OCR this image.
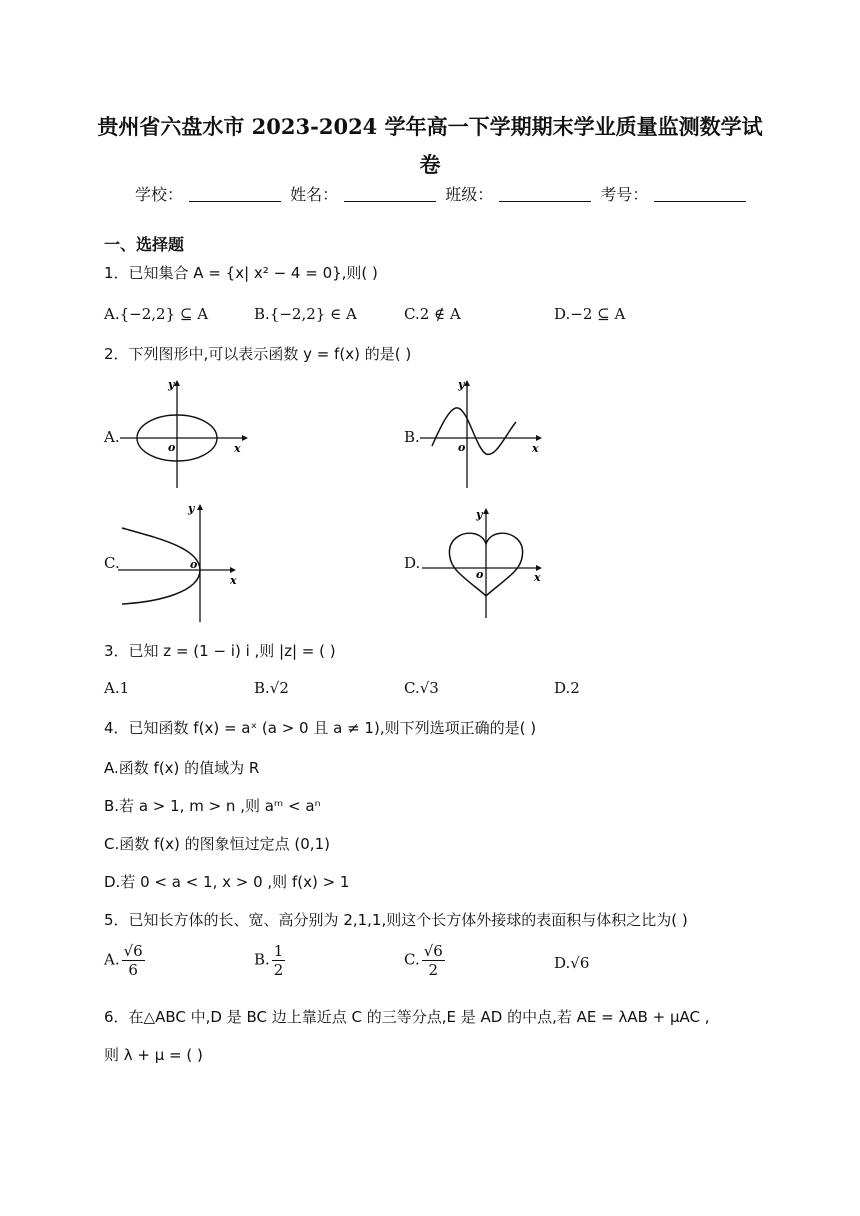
贵州省六盘水市 2023-2024 学年高一下学期期末学业质量监测数学试
卷
学校：	姓名：	班级：	考号：
一、选择题
1．已知集合 A = {x| x² − 4 = 0},则( )
A.{−2,2} ⊆ A	B.{−2,2} ∈ A	C.2 ∉ A	D.−2 ⊆ A
2．下列图形中,可以表示函数 y = f(x) 的是( )
A.
y
x
o
B.
y
x
o
C.
y
x
o	D.
y
x
o
3．已知 z = (1 − i) i ,则 |z| = ( )
A.1	B.√2	C.√3	D.2
4．已知函数 f(x) = aˣ (a > 0 且 a ≠ 1),则下列选项正确的是( )
A.函数 f(x) 的值域为 R
B.若 a > 1, m > n ,则 aᵐ < aⁿ
C.函数 f(x) 的图象恒过定点 (0,1)
D.若 0 < a < 1, x > 0 ,则 f(x) > 1
5．已知长方体的长、宽、高分别为 2,1,1,则这个长方体外接球的表面积与体积之比为( )
A. $\frac{√6}{6}$	B. $\frac{1}{2}$	C. $\frac{√6}{2}$	D.√6
6．在△ABC 中,D 是 BC 边上靠近点 C 的三等分点,E 是 AD 的中点,若 AE = λAB + μAC ,
则 λ + μ = ( )
